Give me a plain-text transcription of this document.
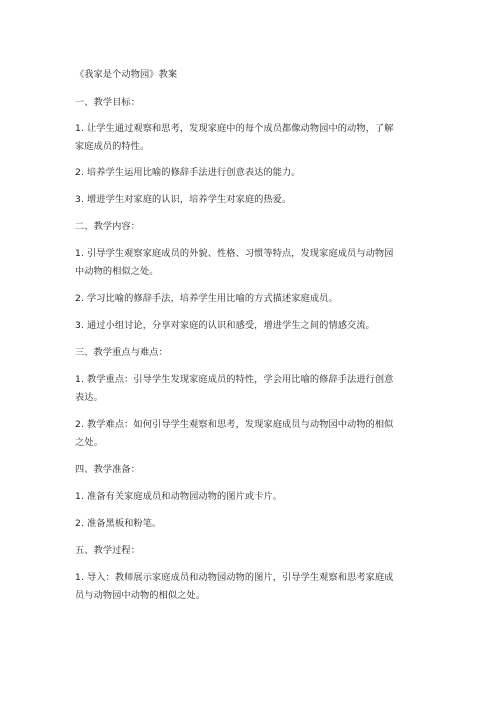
《我家是个动物园》教案
一、教学目标：
1. 让学生通过观察和思考，发现家庭中的每个成员都像动物园中的动物，了解
家庭成员的特性。
2. 培养学生运用比喻的修辞手法进行创意表达的能力。
3. 增进学生对家庭的认识，培养学生对家庭的热爱。
二、教学内容：
1. 引导学生观察家庭成员的外貌、性格、习惯等特点，发现家庭成员与动物园
中动物的相似之处。
2. 学习比喻的修辞手法，培养学生用比喻的方式描述家庭成员。
3. 通过小组讨论，分享对家庭的认识和感受，增进学生之间的情感交流。
三、教学重点与难点：
1. 教学重点：引导学生发现家庭成员的特性，学会用比喻的修辞手法进行创意
表达。
2. 教学难点：如何引导学生观察和思考，发现家庭成员与动物园中动物的相似
之处。
四、教学准备：
1. 准备有关家庭成员和动物园动物的图片或卡片。
2. 准备黑板和粉笔。
五、教学过程：
1. 导入：教师展示家庭成员和动物园动物的图片，引导学生观察和思考家庭成
员与动物园中动物的相似之处。
